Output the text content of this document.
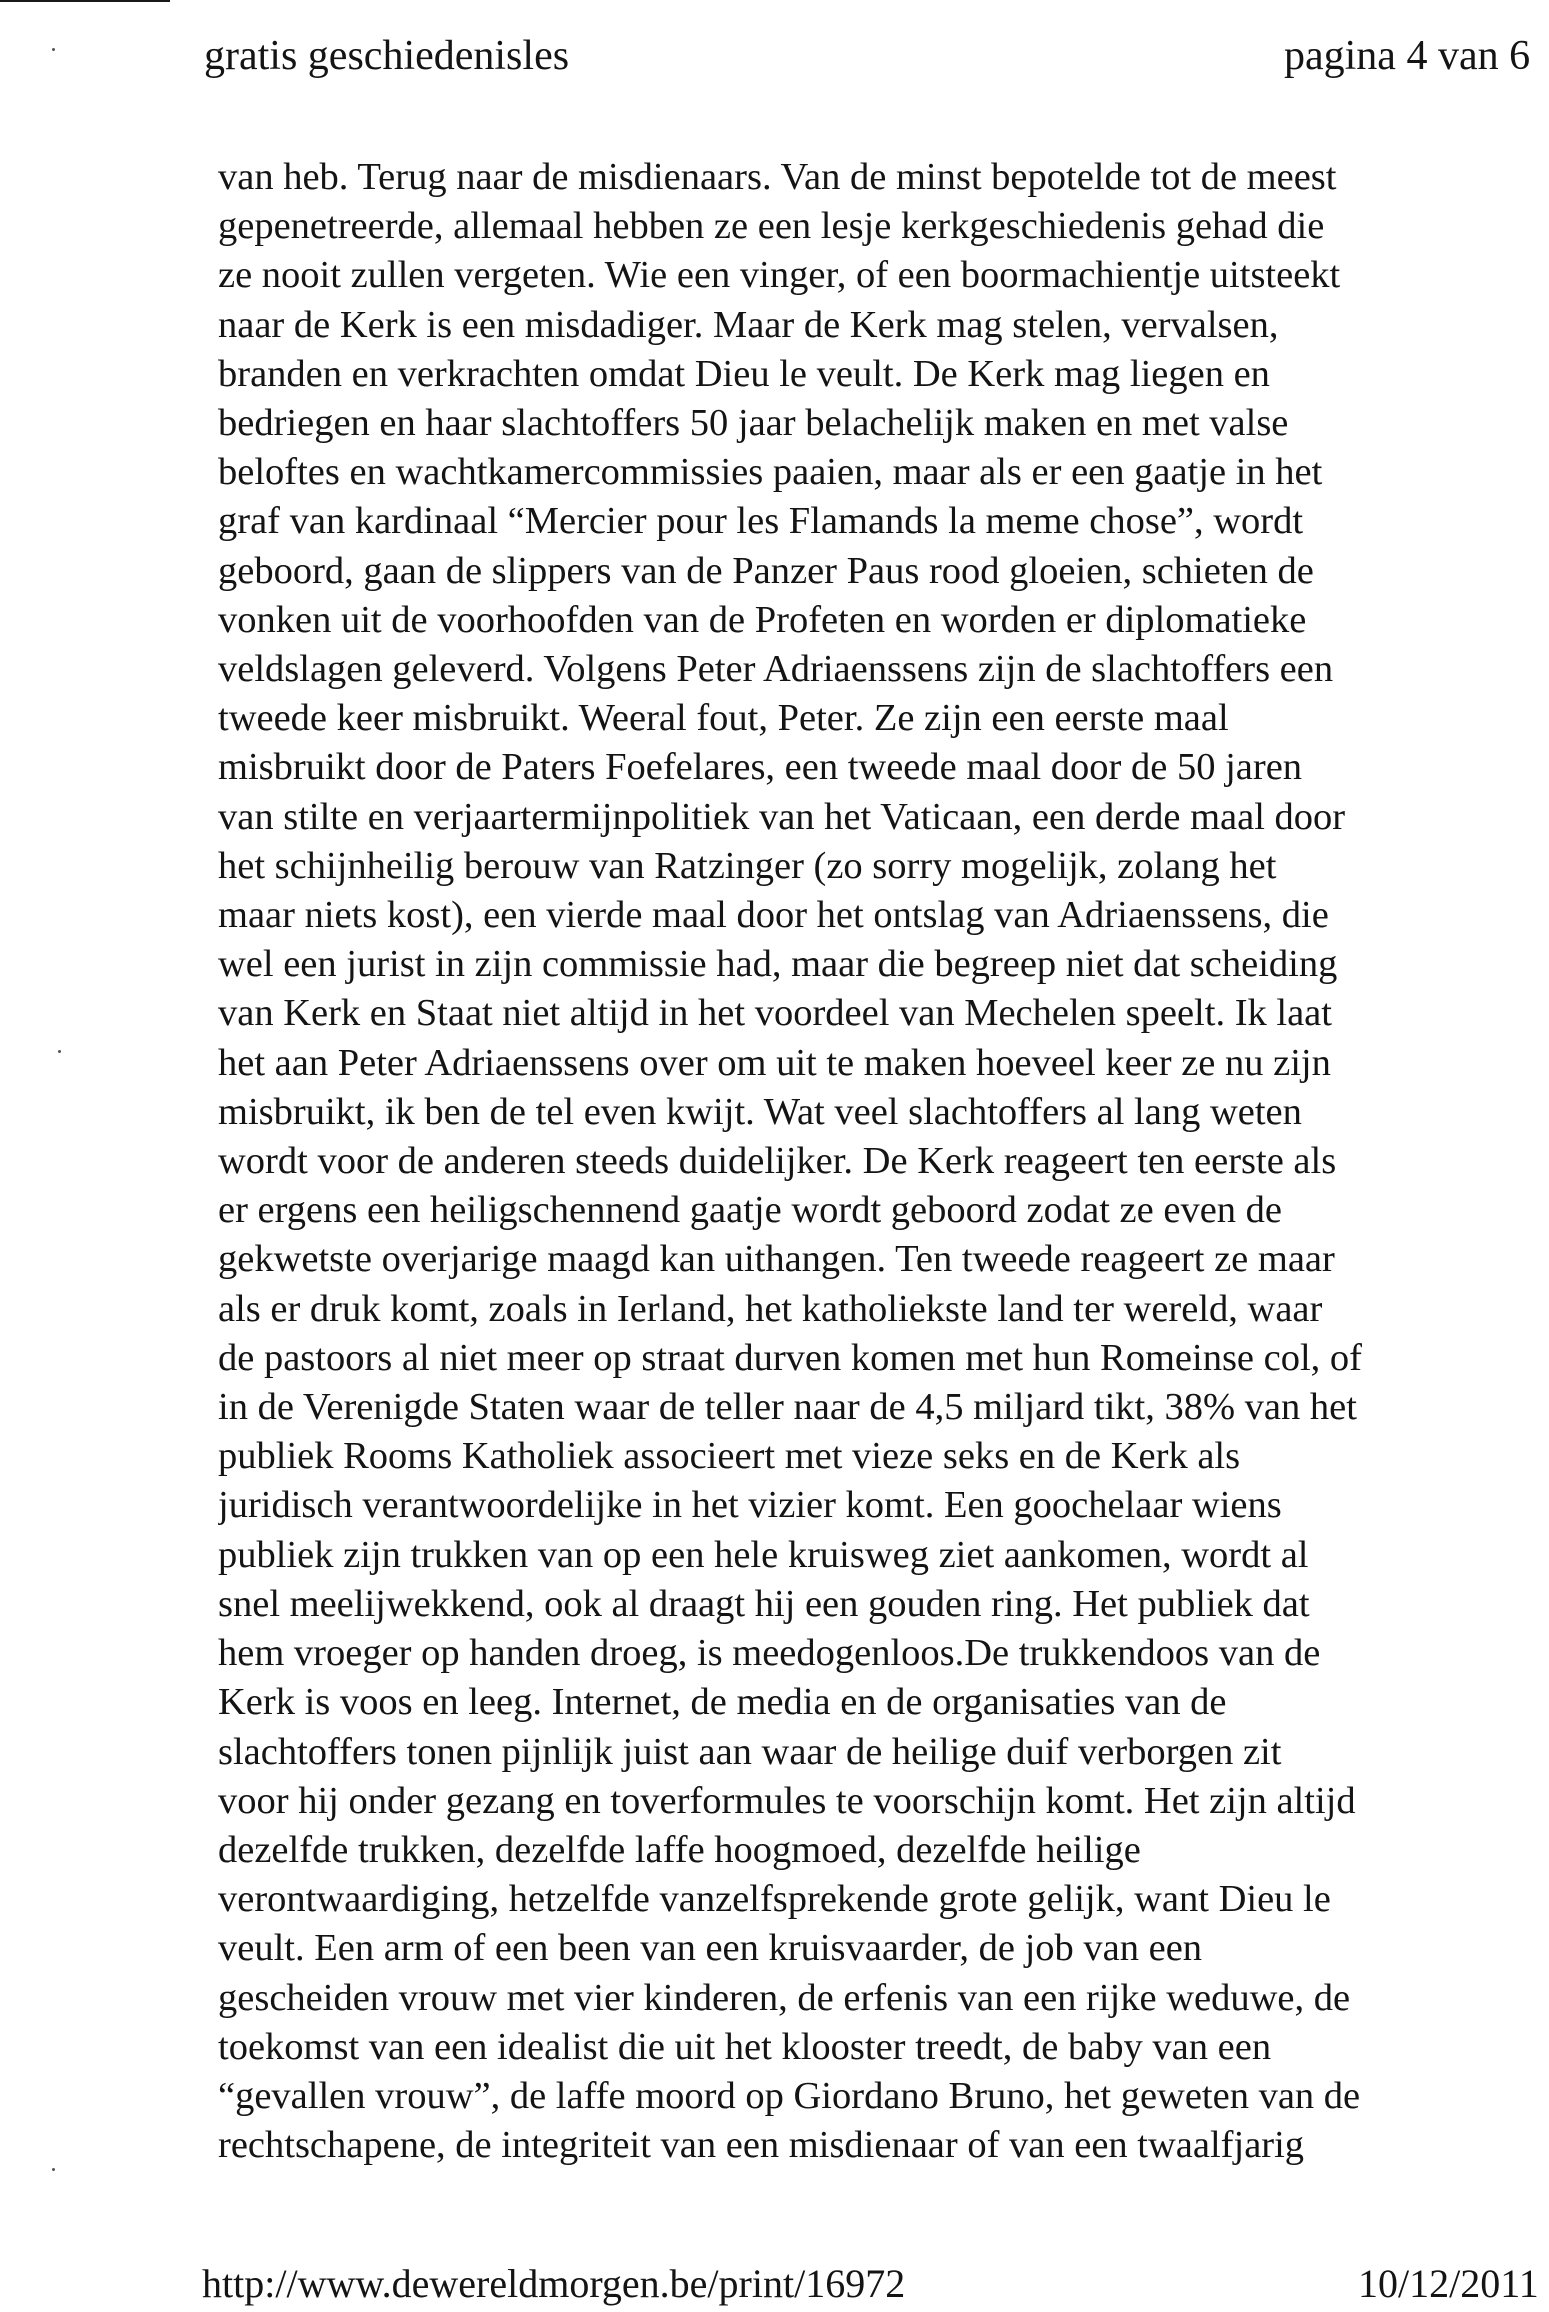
gratis geschiedenisles	pagina 4 van 6
van heb. Terug naar de misdienaars. Van de minst bepotelde tot de meest
gepenetreerde, allemaal hebben ze een lesje kerkgeschiedenis gehad die
ze nooit zullen vergeten. Wie een vinger, of een boormachientje uitsteekt
naar de Kerk is een misdadiger. Maar de Kerk mag stelen, vervalsen,
branden en verkrachten omdat Dieu le veult. De Kerk mag liegen en
bedriegen en haar slachtoffers 50 jaar belachelijk maken en met valse
beloftes en wachtkamercommissies paaien, maar als er een gaatje in het
graf van kardinaal “Mercier pour les Flamands la meme chose”, wordt
geboord, gaan de slippers van de Panzer Paus rood gloeien, schieten de
vonken uit de voorhoofden van de Profeten en worden er diplomatieke
veldslagen geleverd. Volgens Peter Adriaenssens zijn de slachtoffers een
tweede keer misbruikt. Weeral fout, Peter. Ze zijn een eerste maal
misbruikt door de Paters Foefelares, een tweede maal door de 50 jaren
van stilte en verjaartermijnpolitiek van het Vaticaan, een derde maal door
het schijnheilig berouw van Ratzinger (zo sorry mogelijk, zolang het
maar niets kost), een vierde maal door het ontslag van Adriaenssens, die
wel een jurist in zijn commissie had, maar die begreep niet dat scheiding
van Kerk en Staat niet altijd in het voordeel van Mechelen speelt. Ik laat
het aan Peter Adriaenssens over om uit te maken hoeveel keer ze nu zijn
misbruikt, ik ben de tel even kwijt. Wat veel slachtoffers al lang weten
wordt voor de anderen steeds duidelijker. De Kerk reageert ten eerste als
er ergens een heiligschennend gaatje wordt geboord zodat ze even de
gekwetste overjarige maagd kan uithangen. Ten tweede reageert ze maar
als er druk komt, zoals in Ierland, het katholiekste land ter wereld, waar
de pastoors al niet meer op straat durven komen met hun Romeinse col, of
in de Verenigde Staten waar de teller naar de 4,5 miljard tikt, 38% van het
publiek Rooms Katholiek associeert met vieze seks en de Kerk als
juridisch verantwoordelijke in het vizier komt. Een goochelaar wiens
publiek zijn trukken van op een hele kruisweg ziet aankomen, wordt al
snel meelijwekkend, ook al draagt hij een gouden ring. Het publiek dat
hem vroeger op handen droeg, is meedogenloos.De trukkendoos van de
Kerk is voos en leeg. Internet, de media en de organisaties van de
slachtoffers tonen pijnlijk juist aan waar de heilige duif verborgen zit
voor hij onder gezang en toverformules te voorschijn komt. Het zijn altijd
dezelfde trukken, dezelfde laffe hoogmoed, dezelfde heilige
verontwaardiging, hetzelfde vanzelfsprekende grote gelijk, want Dieu le
veult. Een arm of een been van een kruisvaarder, de job van een
gescheiden vrouw met vier kinderen, de erfenis van een rijke weduwe, de
toekomst van een idealist die uit het klooster treedt, de baby van een
“gevallen vrouw”, de laffe moord op Giordano Bruno, het geweten van de
rechtschapene, de integriteit van een misdienaar of van een twaalfjarig
http://www.dewereldmorgen.be/print/16972	10/12/2011
